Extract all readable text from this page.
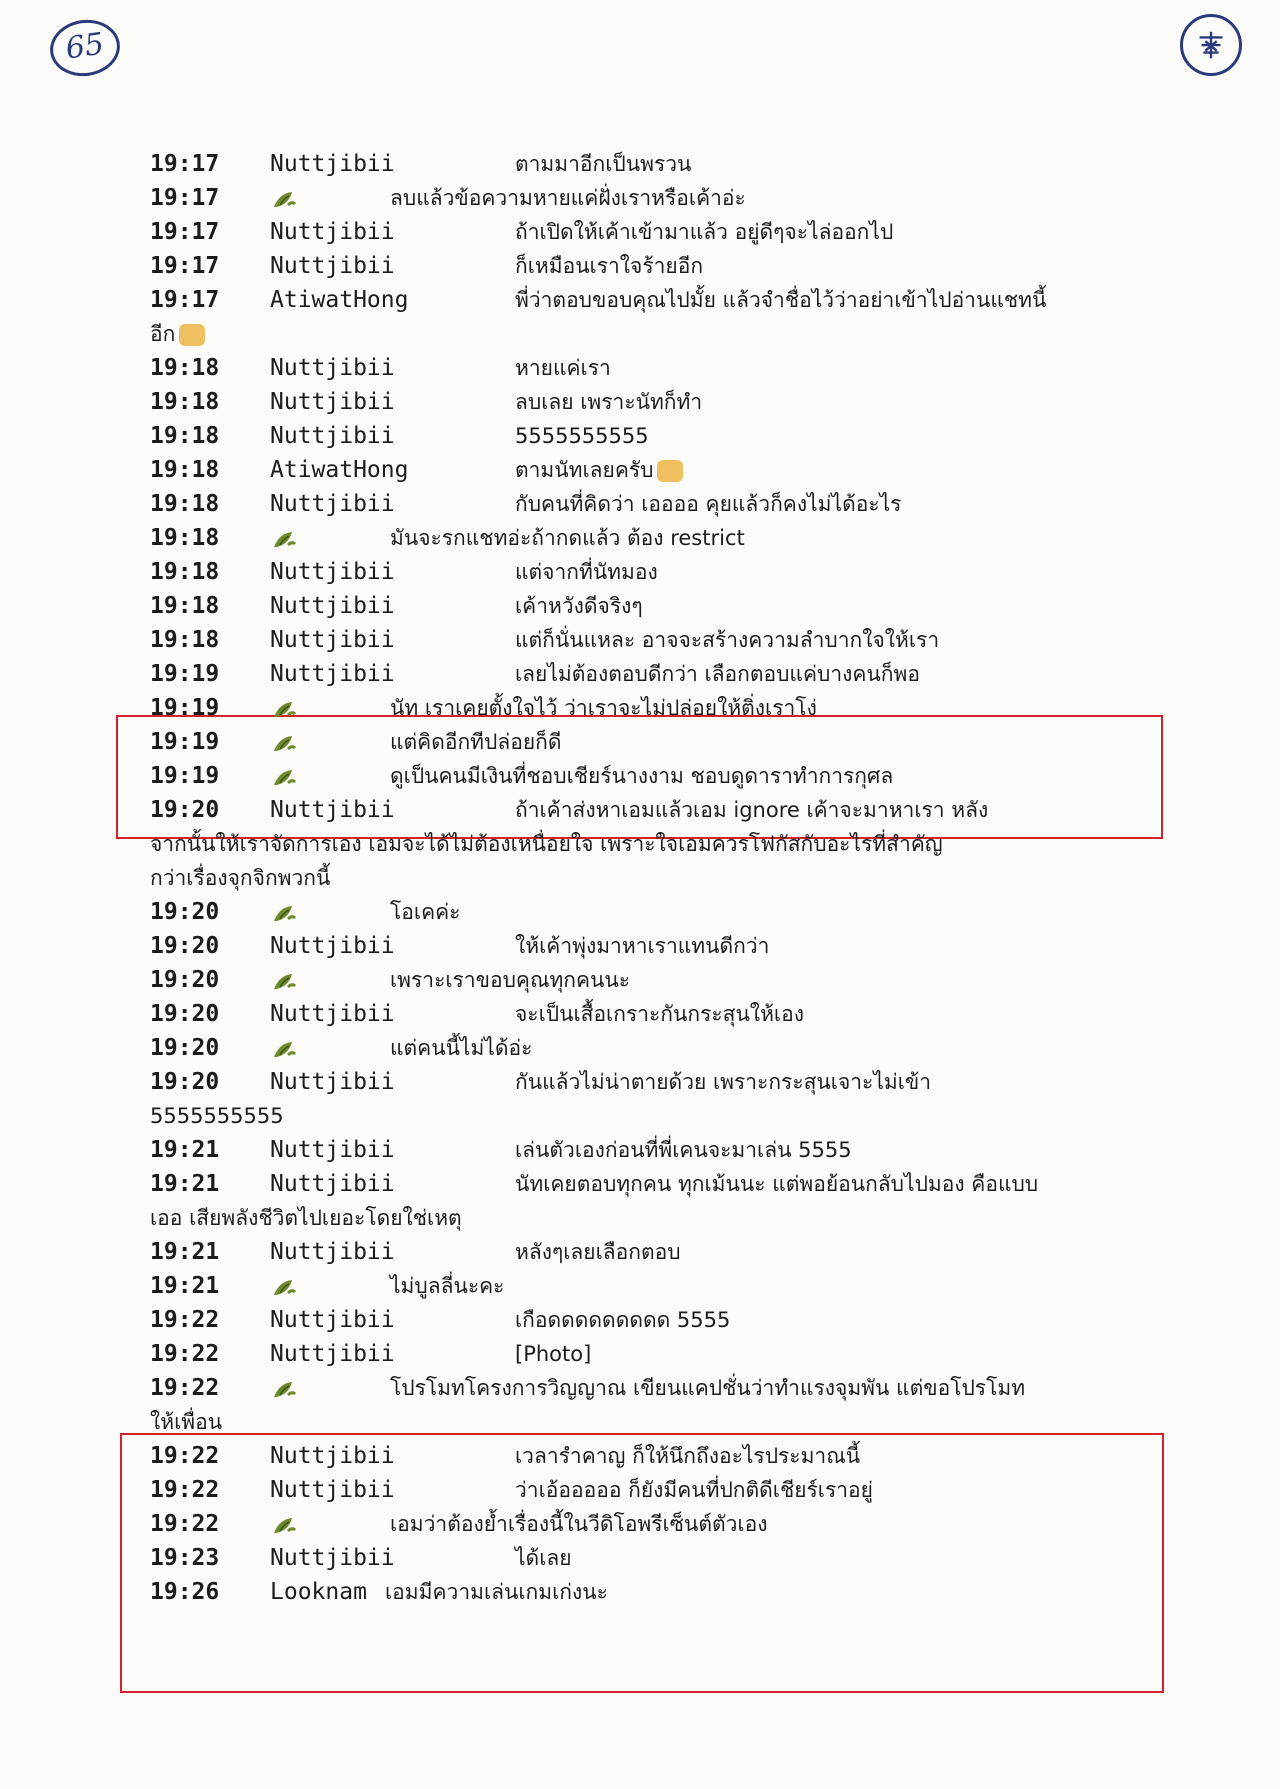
65
19:17 Nuttjibii	ตามมาอีกเป็นพรวน
19:17	ลบแล้วข้อความหายแค่ฝั่งเราหรือเค้าอ่ะ
19:17 Nuttjibii	ถ้าเปิดให้เค้าเข้ามาแล้ว อยู่ดีๆจะไล่ออกไป
19:17 Nuttjibii	ก็เหมือนเราใจร้ายอีก
19:17 AtiwatHong	พี่ว่าตอบขอบคุณไปมั้ย แล้วจำชื่อไว้ว่าอย่าเข้าไปอ่านแชทนี้
อีก
19:18 Nuttjibii	หายแค่เรา
19:18 Nuttjibii	ลบเลย เพราะนัทก็ทำ
19:18 Nuttjibii	5555555555
19:18 AtiwatHong	ตามนัทเลยครับ
19:18 Nuttjibii	กับคนที่คิดว่า เออออ คุยแล้วก็คงไม่ได้อะไร
19:18	มันจะรกแชทอ่ะถ้ากดแล้ว ต้อง restrict
19:18 Nuttjibii	แต่จากที่นัทมอง
19:18 Nuttjibii	เค้าหวังดีจริงๆ
19:18 Nuttjibii	แต่ก็นั่นแหละ อาจจะสร้างความลำบากใจให้เรา
19:19 Nuttjibii	เลยไม่ต้องตอบดีกว่า เลือกตอบแค่บางคนก็พอ
19:19	นัท เราเคยตั้งใจไว้ ว่าเราจะไม่ปล่อยให้ติ่งเราโง่
19:19	แต่คิดอีกทีปล่อยก็ดี
19:19	ดูเป็นคนมีเงินที่ชอบเชียร์นางงาม ชอบดูดาราทำการกุศล
19:20 Nuttjibii	ถ้าเค้าส่งหาเอมแล้วเอม ignore เค้าจะมาหาเรา หลัง
จากนั้นให้เราจัดการเอง เอมจะได้ไม่ต้องเหนื่อยใจ เพราะใจเอมควรโฟกัสกับอะไรที่สำคัญ
กว่าเรื่องจุกจิกพวกนี้
19:20	โอเคค่ะ
19:20 Nuttjibii	ให้เค้าพุ่งมาหาเราแทนดีกว่า
19:20	เพราะเราขอบคุณทุกคนนะ
19:20 Nuttjibii	จะเป็นเสื้อเกราะกันกระสุนให้เอง
19:20	แต่คนนี้ไม่ได้อ่ะ
19:20 Nuttjibii	กันแล้วไม่น่าตายด้วย เพราะกระสุนเจาะไม่เข้า
5555555555
19:21 Nuttjibii	เล่นตัวเองก่อนที่พี่เคนจะมาเล่น 5555
19:21 Nuttjibii	นัทเคยตอบทุกคน ทุกเม้นนะ แต่พอย้อนกลับไปมอง คือแบบ
เออ เสียพลังชีวิตไปเยอะโดยใช่เหตุ
19:21 Nuttjibii	หลังๆเลยเลือกตอบ
19:21	ไม่บูลลี่นะคะ
19:22 Nuttjibii	เกือดดดดดดดดด 5555
19:22 Nuttjibii	[Photo]
19:22	โปรโมทโครงการวิญญาณ เขียนแคปชั่นว่าทำแรงจุมพัน แต่ขอโปรโมท
ให้เพื่อน
19:22 Nuttjibii	เวลารำคาญ ก็ให้นึกถึงอะไรประมาณนี้
19:22 Nuttjibii	ว่าเอ้อออออ ก็ยังมีคนที่ปกติดีเชียร์เราอยู่
19:22	เอมว่าต้องย้ำเรื่องนี้ในวีดิโอพรีเซ็นต์ตัวเอง
19:23 Nuttjibii	ได้เลย
19:26 Looknam เอมมีความเล่นเกมเก่งนะ
